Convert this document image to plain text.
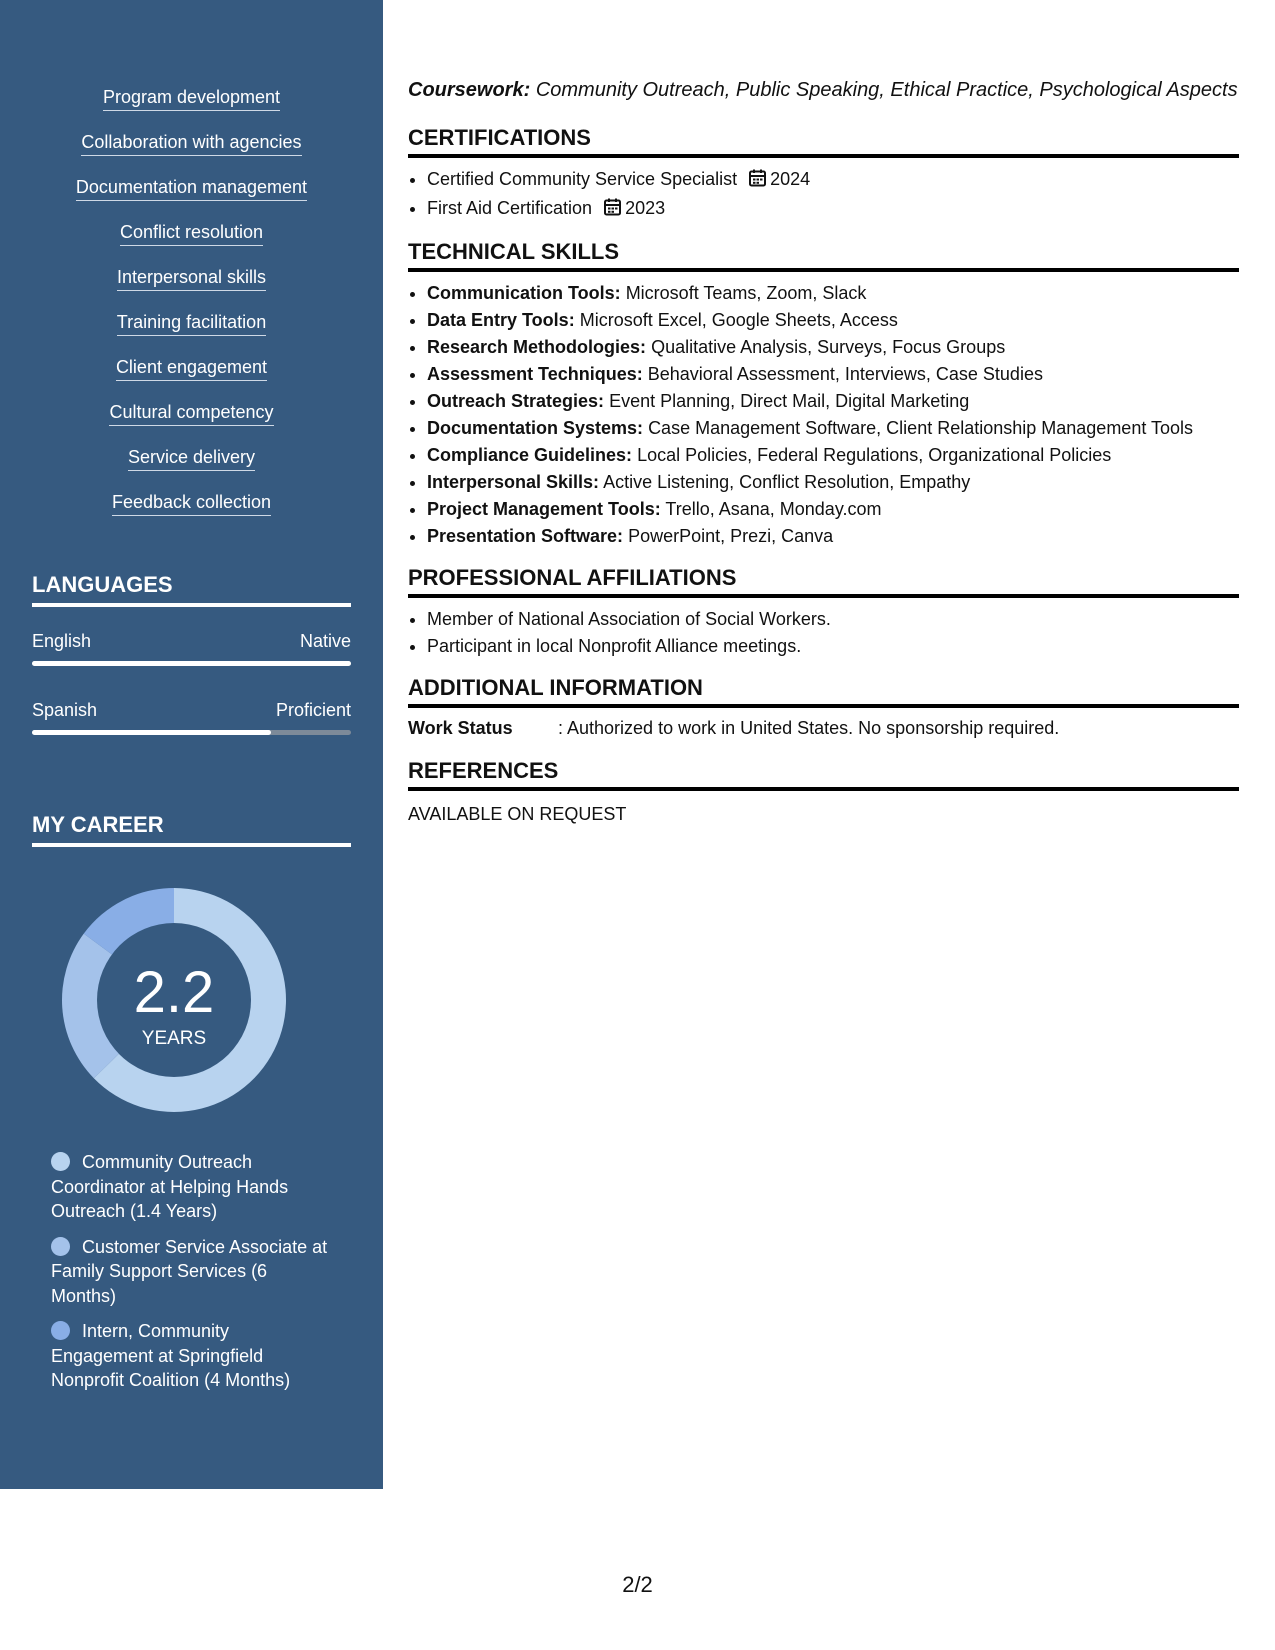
Program development
Collaboration with agencies
Documentation management
Conflict resolution
Interpersonal skills
Training facilitation
Client engagement
Cultural competency
Service delivery
Feedback collection
LANGUAGES
English	Native
Spanish	Proficient
MY CAREER
2.2
YEARS
Community Outreach Coordinator at Helping Hands Outreach (1.4 Years)
Customer Service Associate at Family Support Services (6 Months)
Intern, Community Engagement at Springfield Nonprofit Coalition (4 Months)

Coursework: Community Outreach, Public Speaking, Ethical Practice, Psychological Aspects

CERTIFICATIONS
• Certified Community Service Specialist 2024
• First Aid Certification 2023
TECHNICAL SKILLS
• Communication Tools: Microsoft Teams, Zoom, Slack
• Data Entry Tools: Microsoft Excel, Google Sheets, Access
• Research Methodologies: Qualitative Analysis, Surveys, Focus Groups
• Assessment Techniques: Behavioral Assessment, Interviews, Case Studies
• Outreach Strategies: Event Planning, Direct Mail, Digital Marketing
• Documentation Systems: Case Management Software, Client Relationship Management Tools
• Compliance Guidelines: Local Policies, Federal Regulations, Organizational Policies
• Interpersonal Skills: Active Listening, Conflict Resolution, Empathy
• Project Management Tools: Trello, Asana, Monday.com
• Presentation Software: PowerPoint, Prezi, Canva
PROFESSIONAL AFFILIATIONS
• Member of National Association of Social Workers.
• Participant in local Nonprofit Alliance meetings.
ADDITIONAL INFORMATION
Work Status	: Authorized to work in United States. No sponsorship required.
REFERENCES

AVAILABLE ON REQUEST

2/2
